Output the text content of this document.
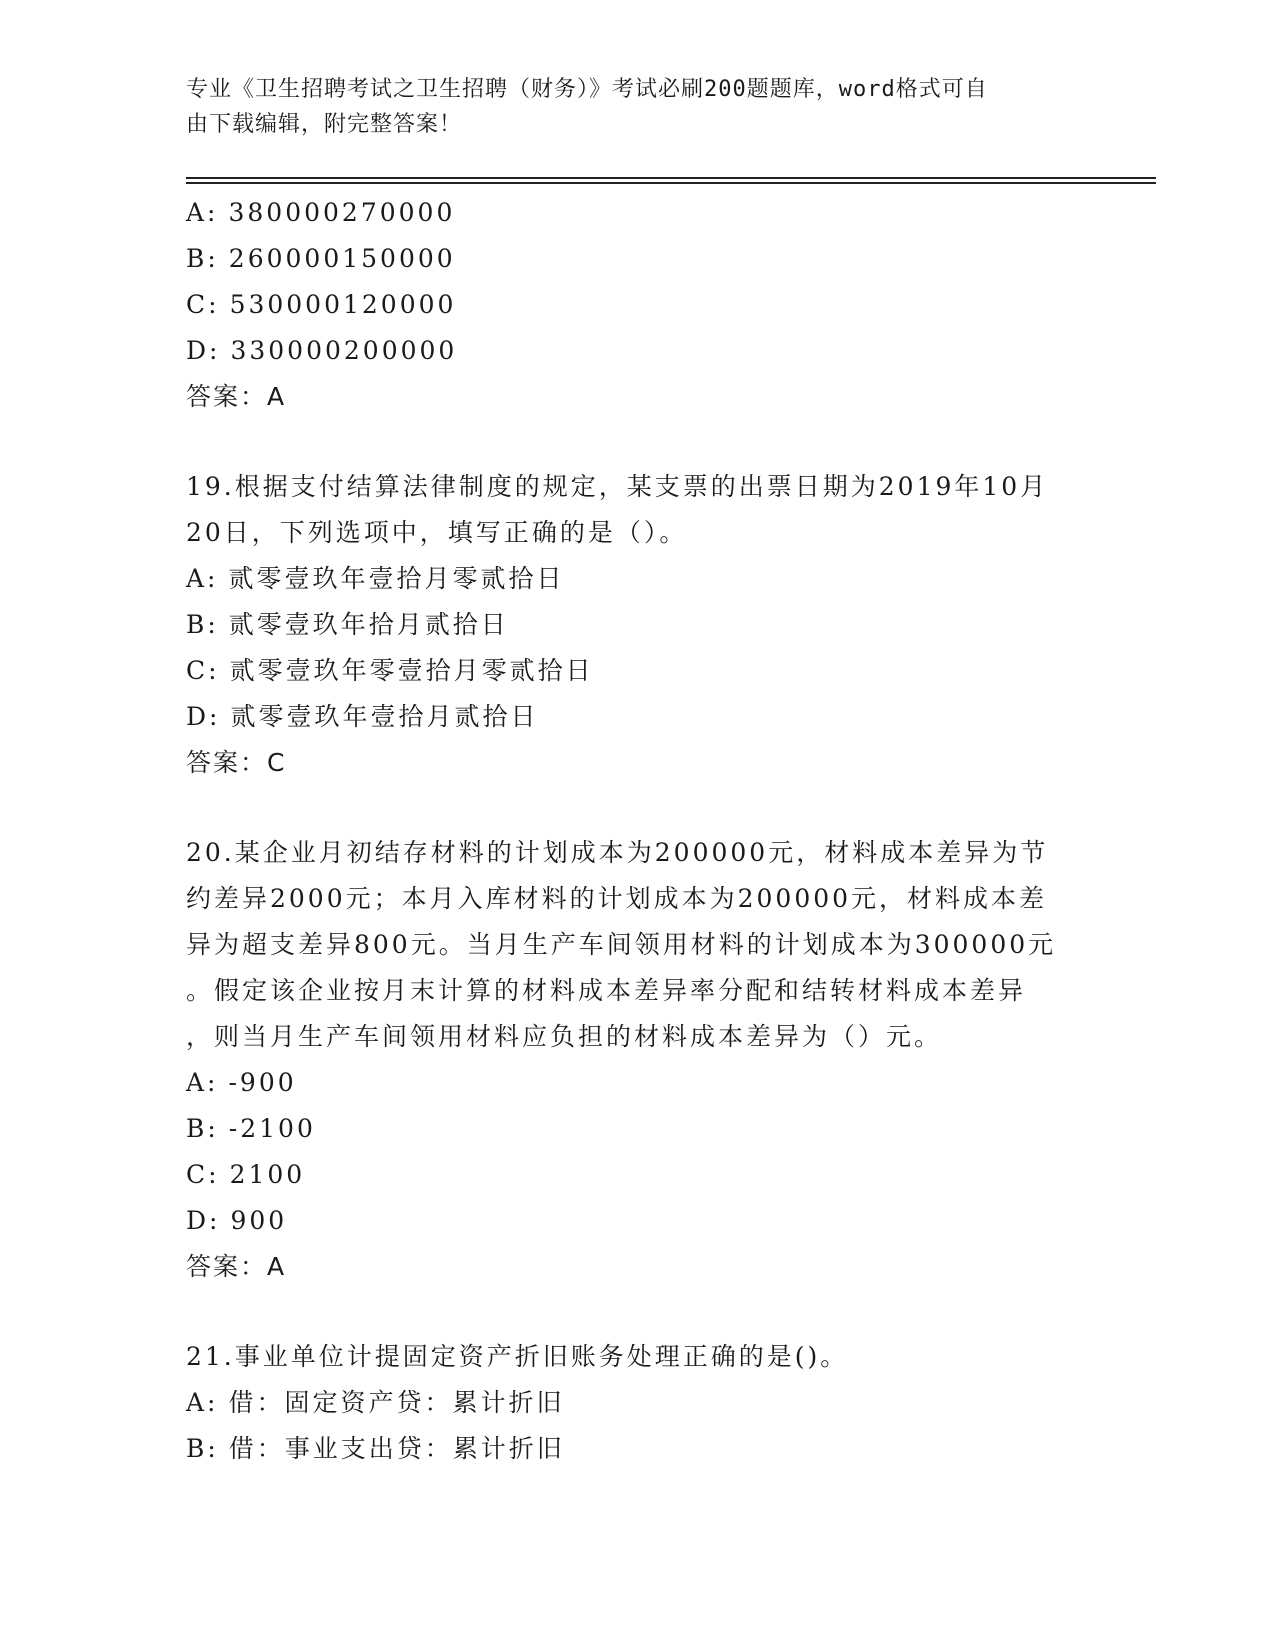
专业《卫生招聘考试之卫生招聘（财务）》考试必刷200题题库，word格式可自
由下载编辑，附完整答案！
A: 380000270000
B: 260000150000
C: 530000120000
D: 330000200000
答案：A
19.根据支付结算法律制度的规定，某支票的出票日期为2019年10月
20日，下列选项中，填写正确的是（）。
A: 贰零壹玖年壹拾月零贰拾日
B: 贰零壹玖年拾月贰拾日
C: 贰零壹玖年零壹拾月零贰拾日
D: 贰零壹玖年壹拾月贰拾日
答案：C
20.某企业月初结存材料的计划成本为200000元，材料成本差异为节
约差异2000元；本月入库材料的计划成本为200000元，材料成本差
异为超支差异800元。当月生产车间领用材料的计划成本为300000元
。假定该企业按月末计算的材料成本差异率分配和结转材料成本差异
，则当月生产车间领用材料应负担的材料成本差异为（）元。
A: -900
B: -2100
C: 2100
D: 900
答案：A
21.事业单位计提固定资产折旧账务处理正确的是()。
A: 借：固定资产贷：累计折旧
B: 借：事业支出贷：累计折旧
